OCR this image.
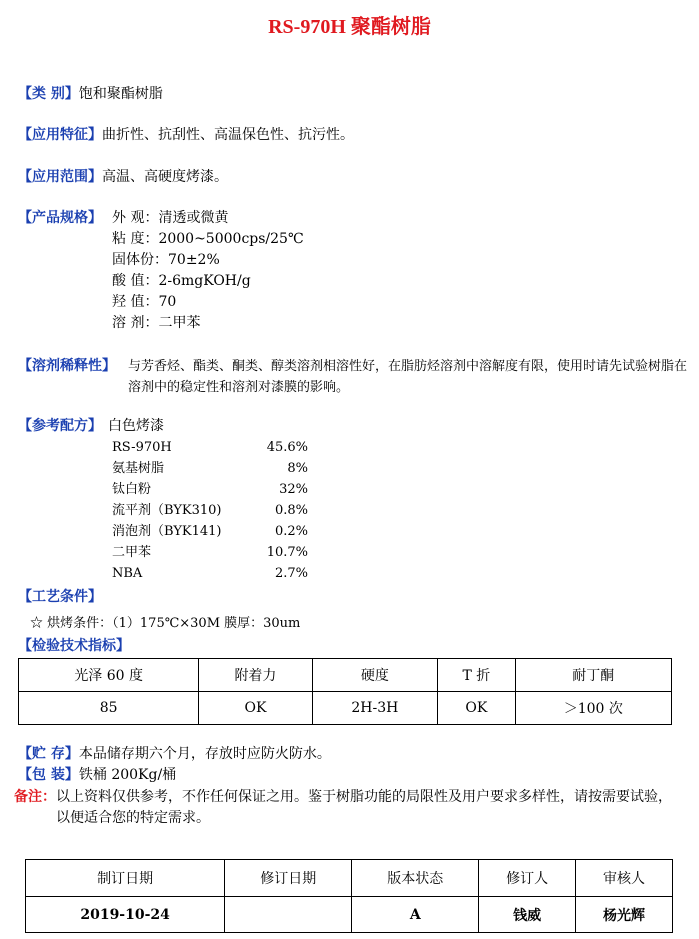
RS-970H 聚酯树脂
【类 别】饱和聚酯树脂
【应用特征】曲折性、抗刮性、高温保色性、抗污性。
【应用范围】高温、高硬度烤漆。
【产品规格】 外 观：清透或微黄
粘 度：2000~5000cps/25℃
固体份：70±2%
酸 值：2-6mgKOH/g
羟 值：70
溶 剂：二甲苯
【溶剂稀释性】 与芳香烃、酯类、酮类、醇类溶剂相溶性好，在脂肪烃溶剂中溶解度有限，使用时请先试验树脂在溶剂中的稳定性和溶剂对漆膜的影响。
【参考配方】 白色烤漆
RS-970H	45.6%
氨基树脂	8%
钛白粉	32%
流平剂（BYK310)	0.8%
消泡剂（BYK141)	0.2%
二甲苯	10.7%
NBA	2.7%
【工艺条件】
☆ 烘烤条件：（1）175℃×30M 膜厚：30um
【检验技术指标】
光泽 60 度	附着力	硬度	T 折	耐丁酮
85	OK	2H-3H	OK	＞100 次
【贮 存】本品储存期六个月，存放时应防火防水。
【包 装】铁桶 200Kg/桶
备注： 以上资料仅供参考，不作任何保证之用。鉴于树脂功能的局限性及用户要求多样性，请按需要试验，以便适合您的特定需求。
制订日期	修订日期	版本状态	修订人	审核人
2019-10-24		A	钱威	杨光辉
